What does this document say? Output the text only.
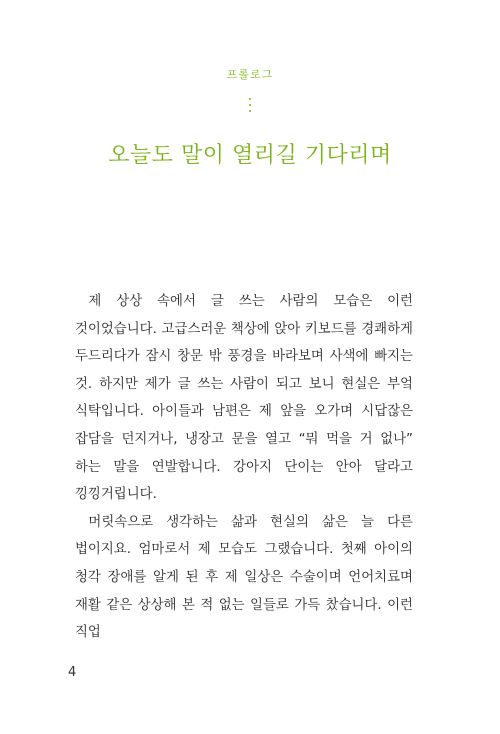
프롤로그
오늘도 말이 열리길 기다리며

제 상상 속에서 글 쓰는 사람의 모습은 이런 것이었습니다. 고급스러운 책상에 앉아 키보드를 경쾌하게 두드리다가 잠시 창문 밖 풍경을 바라보며 사색에 빠지는 것. 하지만 제가 글 쓰는 사람이 되고 보니 현실은 부엌 식탁입니다. 아이들과 남편은 제 앞을 오가며 시답잖은 잡담을 던지거나, 냉장고 문을 열고 “뭐 먹을 거 없나” 하는 말을 연발합니다. 강아지 단이는 안아 달라고 낑낑거립니다.

머릿속으로 생각하는 삶과 현실의 삶은 늘 다른 법이지요. 엄마로서 제 모습도 그랬습니다. 첫째 아이의 청각 장애를 알게 된 후 제 일상은 수술이며 언어치료며 재활 같은 상상해 본 적 없는 일들로 가득 찼습니다. 이런 직업

4
